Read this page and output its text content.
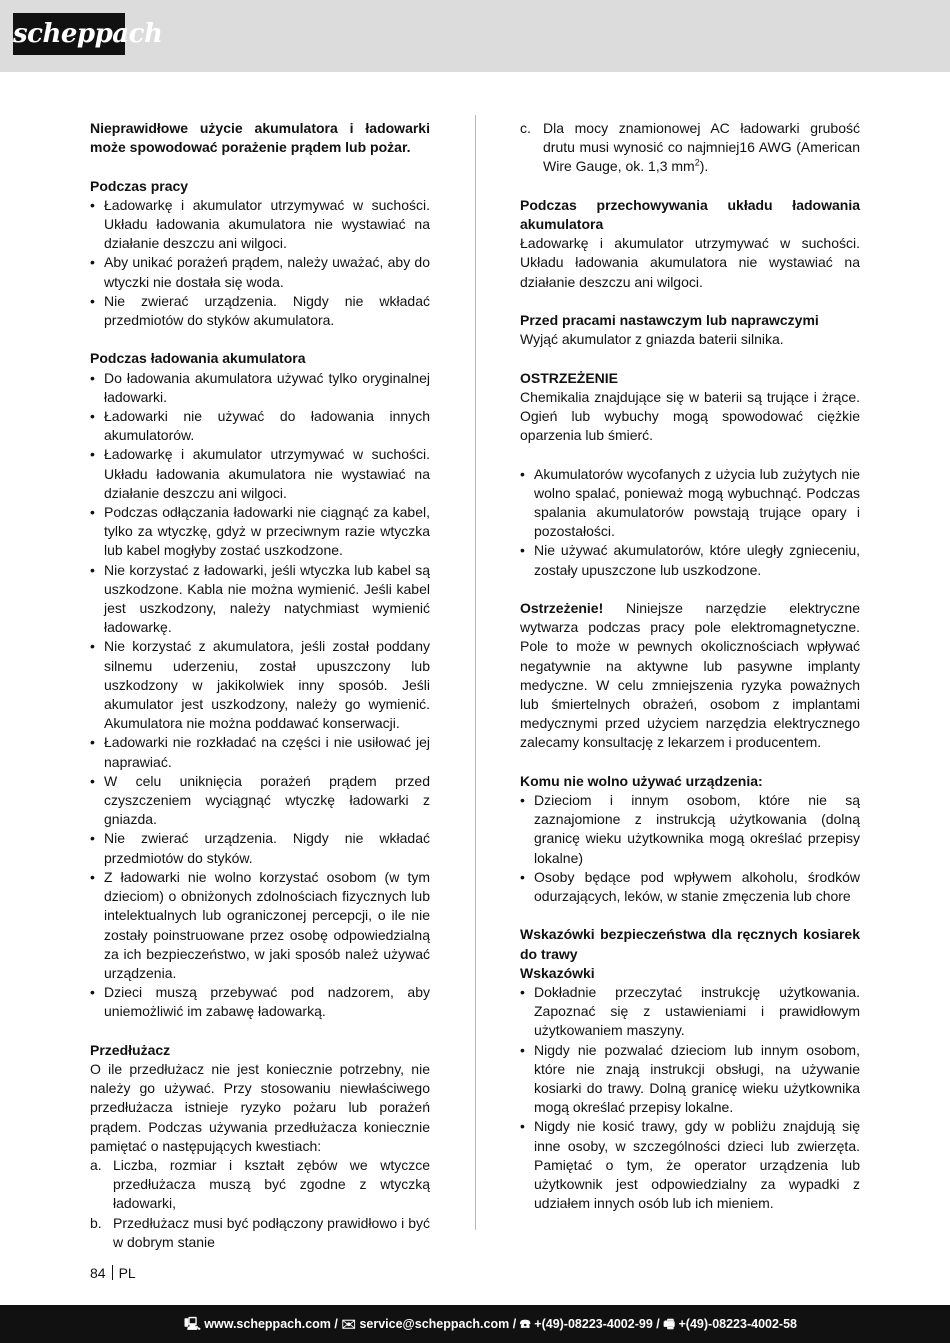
scheppach

Nieprawidłowe użycie akumulatora i ładowarki może spowodować porażenie prądem lub pożar.

Podczas pracy

• Ładowarkę i akumulator utrzymywać w suchości. Układu ładowania akumulatora nie wystawiać na działanie deszczu ani wilgoci.
• Aby unikać porażeń prądem, należy uważać, aby do wtyczki nie dostała się woda.
• Nie zwierać urządzenia. Nigdy nie wkładać przedmiotów do styków akumulatora.

Podczas ładowania akumulatora

• Do ładowania akumulatora używać tylko oryginalnej ładowarki.
• Ładowarki nie używać do ładowania innych akumulatorów.
• Ładowarkę i akumulator utrzymywać w suchości. Układu ładowania akumulatora nie wystawiać na działanie deszczu ani wilgoci.
• Podczas odłączania ładowarki nie ciągnąć za kabel, tylko za wtyczkę, gdyż w przeciwnym razie wtyczka lub kabel mogłyby zostać uszkodzone.
• Nie korzystać z ładowarki, jeśli wtyczka lub kabel są uszkodzone. Kabla nie można wymienić. Jeśli kabel jest uszkodzony, należy natychmiast wymienić ładowarkę.
• Nie korzystać z akumulatora, jeśli został poddany silnemu uderzeniu, został upuszczony lub uszkodzony w jakikolwiek inny sposób. Jeśli akumulator jest uszkodzony, należy go wymienić. Akumulatora nie można poddawać konserwacji.
• Ładowarki nie rozkładać na części i nie usiłować jej naprawiać.
• W celu uniknięcia porażeń prądem przed czyszczeniem wyciągnąć wtyczkę ładowarki z gniazda.
• Nie zwierać urządzenia. Nigdy nie wkładać przedmiotów do styków.
• Z ładowarki nie wolno korzystać osobom (w tym dzieciom) o obniżonych zdolnościach fizycznych lub intelektualnych lub ograniczonej percepcji, o ile nie zostały poinstruowane przez osobę odpowiedzialną za ich bezpieczeństwo, w jaki sposób należ używać urządzenia.
• Dzieci muszą przebywać pod nadzorem, aby uniemożliwić im zabawę ładowarką.

Przedłużacz

O ile przedłużacz nie jest koniecznie potrzebny, nie należy go używać. Przy stosowaniu niewłaściwego przedłużacza istnieje ryzyko pożaru lub porażeń prądem. Podczas używania przedłużacza koniecznie pamiętać o następujących kwestiach:

a. Liczba, rozmiar i kształt zębów we wtyczce przedłużacza muszą być zgodne z wtyczką ładowarki,
b. Przedłużacz musi być podłączony prawidłowo i być w dobrym stanie
c. Dla mocy znamionowej AC ładowarki grubość drutu musi wynosić co najmniej16 AWG (American Wire Gauge, ok. 1,3 $mm^2$).

Podczas przechowywania układu ładowania akumulatora

Ładowarkę i akumulator utrzymywać w suchości. Układu ładowania akumulatora nie wystawiać na działanie deszczu ani wilgoci.

Przed pracami nastawczym lub naprawczymi

Wyjąć akumulator z gniazda baterii silnika.

OSTRZEŻENIE

Chemikalia znajdujące się w baterii są trujące i żrące. Ogień lub wybuchy mogą spowodować ciężkie oparzenia lub śmierć.

• Akumulatorów wycofanych z użycia lub zużytych nie wolno spalać, ponieważ mogą wybuchnąć. Podczas spalania akumulatorów powstają trujące opary i pozostałości.
• Nie używać akumulatorów, które uległy zgnieceniu, zostały upuszczone lub uszkodzone.

Ostrzeżenie! Niniejsze narzędzie elektryczne wytwarza podczas pracy pole elektromagnetyczne. Pole to może w pewnych okolicznościach wpływać negatywnie na aktywne lub pasywne implanty medyczne. W celu zmniejszenia ryzyka poważnych lub śmiertelnych obrażeń, osobom z implantami medycznymi przed użyciem narzędzia elektrycznego zalecamy konsultację z lekarzem i producentem.

Komu nie wolno używać urządzenia:

• Dzieciom i innym osobom, które nie są zaznajomione z instrukcją użytkowania (dolną granicę wieku użytkownika mogą określać przepisy lokalne)
• Osoby będące pod wpływem alkoholu, środków odurzających, leków, w stanie zmęczenia lub chore

Wskazówki bezpieczeństwa dla ręcznych kosiarek do trawy

Wskazówki

• Dokładnie przeczytać instrukcję użytkowania. Zapoznać się z ustawieniami i prawidłowym użytkowaniem maszyny.
• Nigdy nie pozwalać dzieciom lub innym osobom, które nie znają instrukcji obsługi, na używanie kosiarki do trawy. Dolną granicę wieku użytkownika mogą określać przepisy lokalne.
• Nigdy nie kosić trawy, gdy w pobliżu znajdują się inne osoby, w szczególności dzieci lub zwierzęta. Pamiętać o tym, że operator urządzenia lub użytkownik jest odpowiedzialny za wypadki z udziałem innych osób lub ich mieniem.
84 PL
🖳 www.scheppach.com / ✉ service@scheppach.com / ☎ +(49)-08223-4002-99 / 🖷 +(49)-08223-4002-58
